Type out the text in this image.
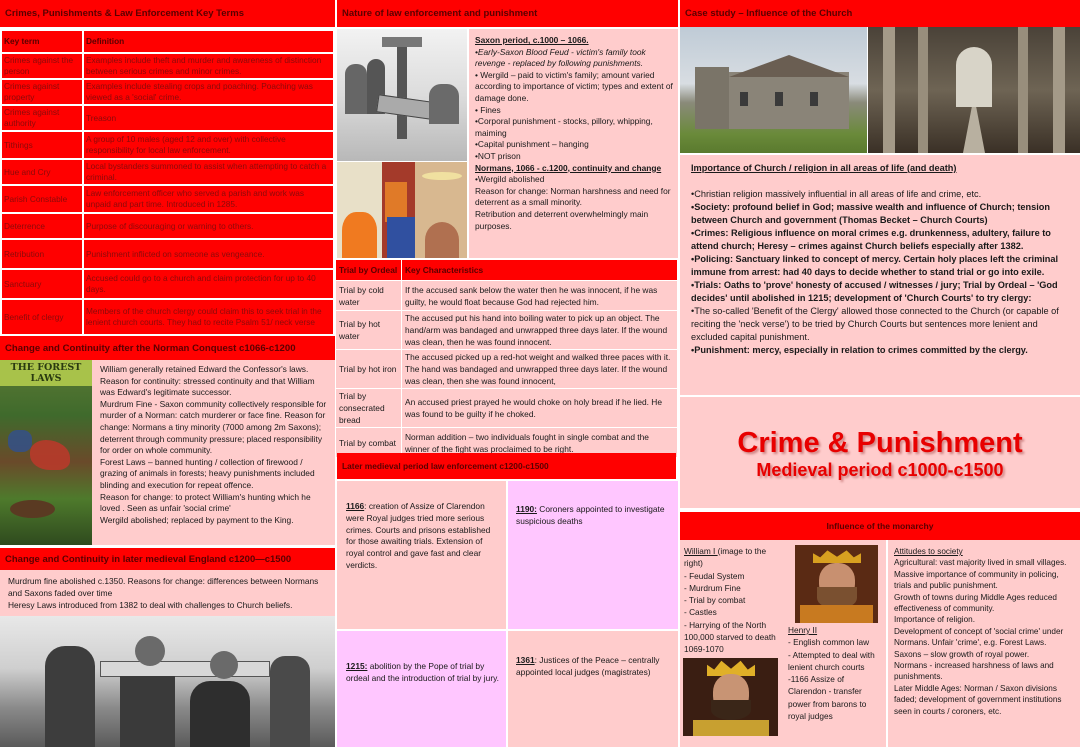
Crimes, Punishments & Law Enforcement Key Terms
Key term	Definition
Crimes against the person	Examples include theft and murder and awareness of distinction between serious crimes and minor crimes.
Crimes against property	Examples include stealing crops and poaching. Poaching was viewed as a 'social' crime.
Crimes against authority	Treason
Tithings	A group of 10 males (aged 12 and over) with collective responsibility for local law enforcement.
Hue and Cry	Local bystanders summoned to assist when attempting to catch a criminal.
Parish Constable	Law enforcement officer who served a parish and work was unpaid and part time. Introduced in 1285.
Deterrence	Purpose of discouraging or warning to others.
Retribution	Punishment inflicted on someone as vengeance.
Sanctuary	Accused could go to a church and claim protection for up to 40 days.
Benefit of clergy	Members of the church clergy could claim this to seek trial in the lenient church courts. They had to recite Psalm 51/ neck verse
Change and Continuity after the Norman Conquest c1066-c1200
THE FOREST LAWS
William generally retained Edward the Confessor's laws.
Reason for continuity: stressed continuity and that William was Edward's legitimate successor.
Murdrum Fine - Saxon community collectively responsible for murder of a Norman: catch murderer or face fine. Reason for change: Normans a tiny minority (7000 among 2m Saxons); deterrent through community pressure; placed responsibility for order on whole community.
Forest Laws – banned hunting / collection of firewood / grazing of animals in forests; heavy punishments included blinding and execution for repeat offence.
Reason for change: to protect William's hunting which he loved . Seen as unfair 'social crime'
Wergild abolished; replaced by payment to the King.
Change and Continuity in later medieval England c1200—c1500
Murdrum fine abolished c.1350. Reasons for change: differences between Normans and Saxons faded over time
Heresy Laws introduced from 1382 to deal with challenges to Church beliefs.
Nature of law enforcement and punishment
Saxon period, c.1000 – 1066.
•Early-Saxon Blood Feud - victim's family took revenge - replaced by following punishments.
• Wergild – paid to victim's family; amount varied according to importance of victim; types and extent of damage done.
• Fines
•Corporal punishment - stocks, pillory, whipping, maiming
•Capital punishment – hanging
•NOT prison
Normans, 1066 - c.1200, continuity and change
•Wergild abolished
Reason for change: Norman harshness and need for deterrent as a small minority.
Retribution and deterrent overwhelmingly main purposes.
Trial by Ordeal	Key Characteristics
Trial by cold water	If the accused sank below the water then he was innocent, if he was guilty, he would float because God had rejected him.
Trial by hot water	The accused put his hand into boiling water to pick up an object. The hand/arm was bandaged and unwrapped three days later. If the wound was clean, then he was found innocent.
Trial by hot iron	The accused picked up a red-hot weight and walked three paces with it. The hand was bandaged and unwrapped three days later. If the wound was clean, then she was found innocent,
Trial by consecrated bread	An accused priest prayed he would choke on holy bread if he lied. He was found to be guilty if he choked.
Trial by combat	Norman addition – two individuals fought in single combat and the winner of the fight was proclaimed to be right.
Later medieval period law enforcement c1200-c1500
1166: creation of Assize of Clarendon were Royal judges tried more serious crimes. Courts and prisons established for those awaiting trials. Extension of royal control and gave fast and clear verdicts.
1190: Coroners appointed to investigate suspicious deaths
1215: abolition by the Pope of trial by ordeal and the introduction of trial by jury.
1361: Justices of the Peace – centrally appointed local judges (magistrates)
Case study – Influence of the Church
Importance of Church / religion in all areas of life (and death)
•Christian religion massively influential in all areas of life and crime, etc.
•Society: profound belief in God; massive wealth and influence of Church; tension between Church and government (Thomas Becket – Church Courts)
•Crimes: Religious influence on moral crimes e.g. drunkenness, adultery, failure to attend church; Heresy – crimes against Church beliefs especially after 1382.
•Policing: Sanctuary linked to concept of mercy. Certain holy places left the criminal immune from arrest: had 40 days to decide whether to stand trial or go into exile.
•Trials: Oaths to 'prove' honesty of accused / witnesses / jury; Trial by Ordeal – 'God decides' until abolished in 1215; development of 'Church Courts' to try clergy:
•The so-called 'Benefit of the Clergy' allowed those connected to the Church (or capable of reciting the 'neck verse') to be tried by Church Courts but sentences more lenient and excluded capital punishment.
•Punishment: mercy, especially in relation to crimes committed by the clergy.
Crime & Punishment
Medieval period c1000-c1500
Influence of the monarchy
William I (image to the right)
- Feudal System
- Murdrum Fine
- Trial by combat
- Castles
- Harrying of the North 100,000 starved to death 1069-1070
Henry II
- English common law
- Attempted to deal with lenient church courts
-1166 Assize of Clarendon - transfer power from barons to royal judges
Attitudes to society
Agricultural: vast majority lived in small villages.
Massive importance of community in policing, trials and public punishment.
Growth of towns during Middle Ages reduced effectiveness of community.
Importance of religion.
Development of concept of 'social crime' under Normans. Unfair 'crime', e.g. Forest Laws.
Saxons – slow growth of royal power.
Normans - increased harshness of laws and punishments.
Later Middle Ages: Norman / Saxon divisions faded; development of government institutions seen in courts / coroners, etc.
